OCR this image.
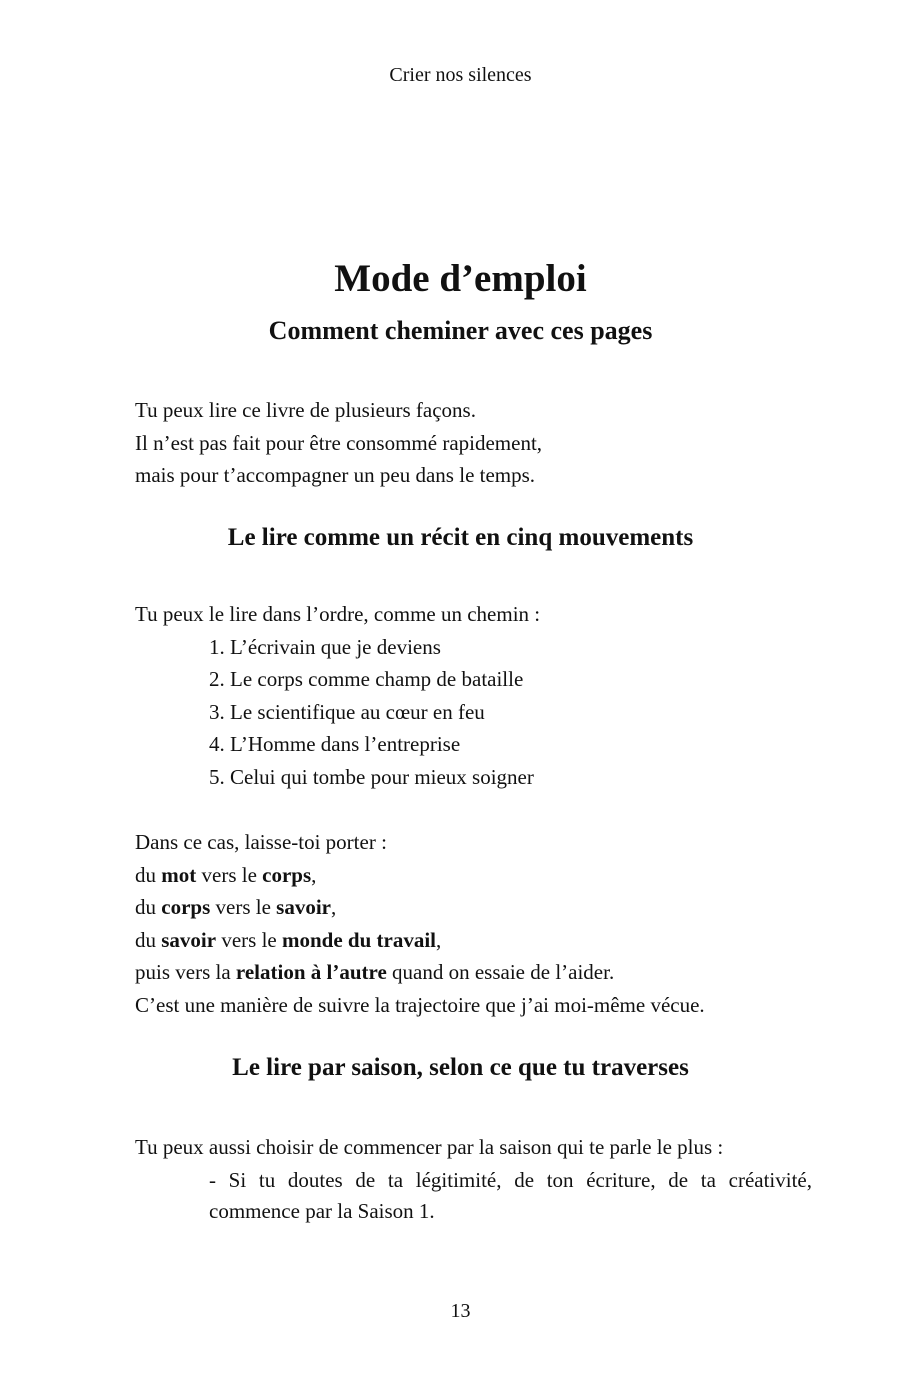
Crier nos silences
Mode d’emploi
Comment cheminer avec ces pages

Tu peux lire ce livre de plusieurs façons.

Il n’est pas fait pour être consommé rapidement,

mais pour t’accompagner un peu dans le temps.

Le lire comme un récit en cinq mouvements

Tu peux le lire dans l’ordre, comme un chemin :

1. L’écrivain que je deviens
2. Le corps comme champ de bataille
3. Le scientifique au cœur en feu
4. L’Homme dans l’entreprise
5. Celui qui tombe pour mieux soigner

Dans ce cas, laisse-toi porter :

du mot vers le corps,

du corps vers le savoir,

du savoir vers le monde du travail,

puis vers la relation à l’autre quand on essaie de l’aider.

C’est une manière de suivre la trajectoire que j’ai moi-même vécue.

Le lire par saison, selon ce que tu traverses

Tu peux aussi choisir de commencer par la saison qui te parle le plus :

- Si tu doutes de ta légitimité, de ton écriture, de ta créativité, commence par la Saison 1.
13
